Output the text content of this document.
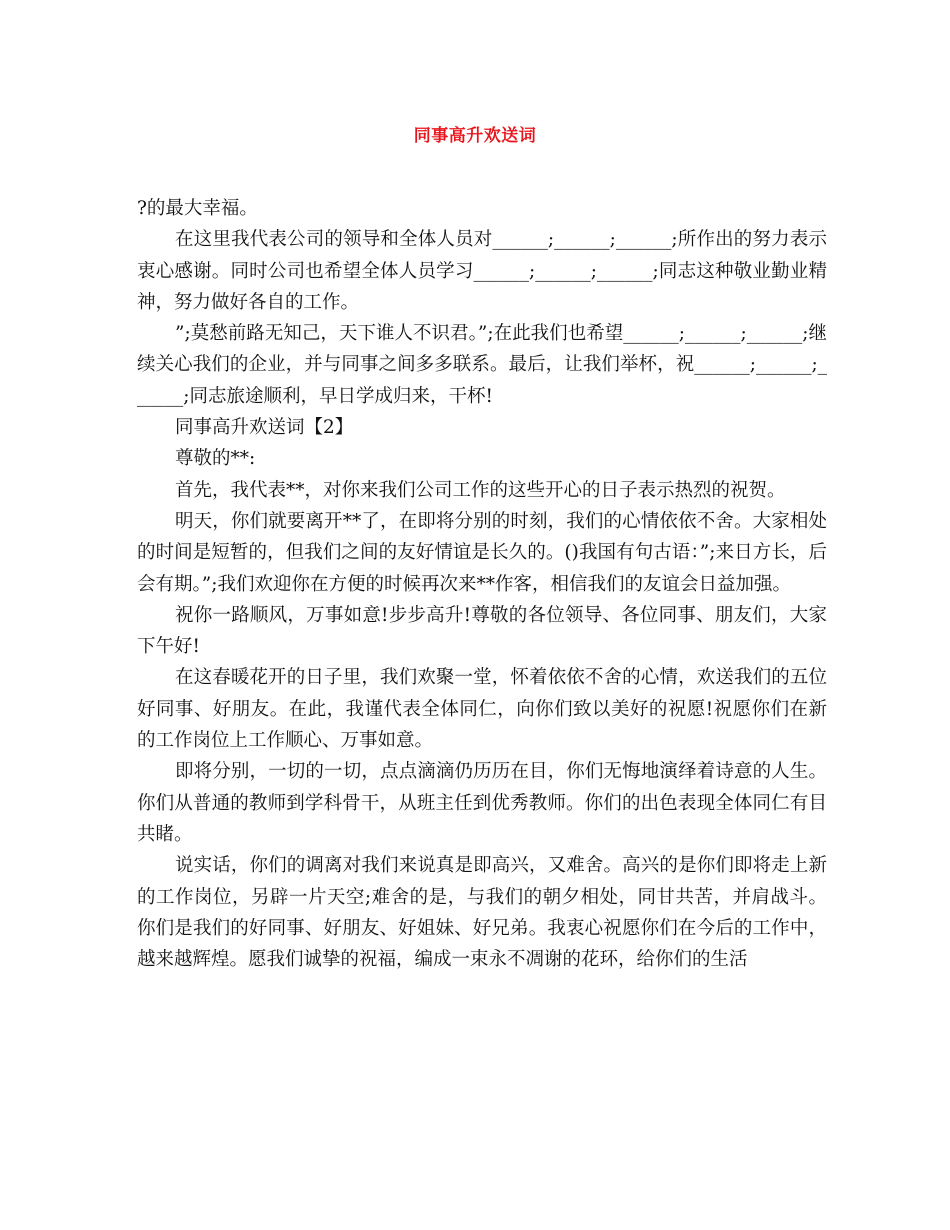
同事高升欢送词

?的最大幸福。

在这里我代表公司的领导和全体人员对______;______;______;所作出的努力表示衷心感谢。同时公司也希望全体人员学习______;______;______;同志这种敬业勤业精神，努力做好各自的工作。

”;莫愁前路无知己，天下谁人不识君。”;在此我们也希望______;______;______;继续关心我们的企业，并与同事之间多多联系。最后，让我们举杯，祝______;______;______;同志旅途顺利，早日学成归来，干杯!

同事高升欢送词【2】

尊敬的**:

首先，我代表**，对你来我们公司工作的这些开心的日子表示热烈的祝贺。

明天，你们就要离开**了，在即将分别的时刻，我们的心情依依不舍。大家相处的时间是短暂的，但我们之间的友好情谊是长久的。()我国有句古语：”;来日方长，后会有期。”;我们欢迎你在方便的时候再次来**作客，相信我们的友谊会日益加强。

祝你一路顺风，万事如意!步步高升!尊敬的各位领导、各位同事、朋友们，大家下午好!

在这春暖花开的日子里，我们欢聚一堂，怀着依依不舍的心情，欢送我们的五位好同事、好朋友。在此，我谨代表全体同仁，向你们致以美好的祝愿!祝愿你们在新的工作岗位上工作顺心、万事如意。

即将分别，一切的一切，点点滴滴仍历历在目，你们无悔地演绎着诗意的人生。你们从普通的教师到学科骨干，从班主任到优秀教师。你们的出色表现全体同仁有目共睹。

说实话，你们的调离对我们来说真是即高兴，又难舍。高兴的是你们即将走上新的工作岗位，另辟一片天空;难舍的是，与我们的朝夕相处，同甘共苦，并肩战斗。你们是我们的好同事、好朋友、好姐妹、好兄弟。我衷心祝愿你们在今后的工作中，越来越辉煌。愿我们诚挚的祝福，编成一束永不凋谢的花环，给你们的生活
